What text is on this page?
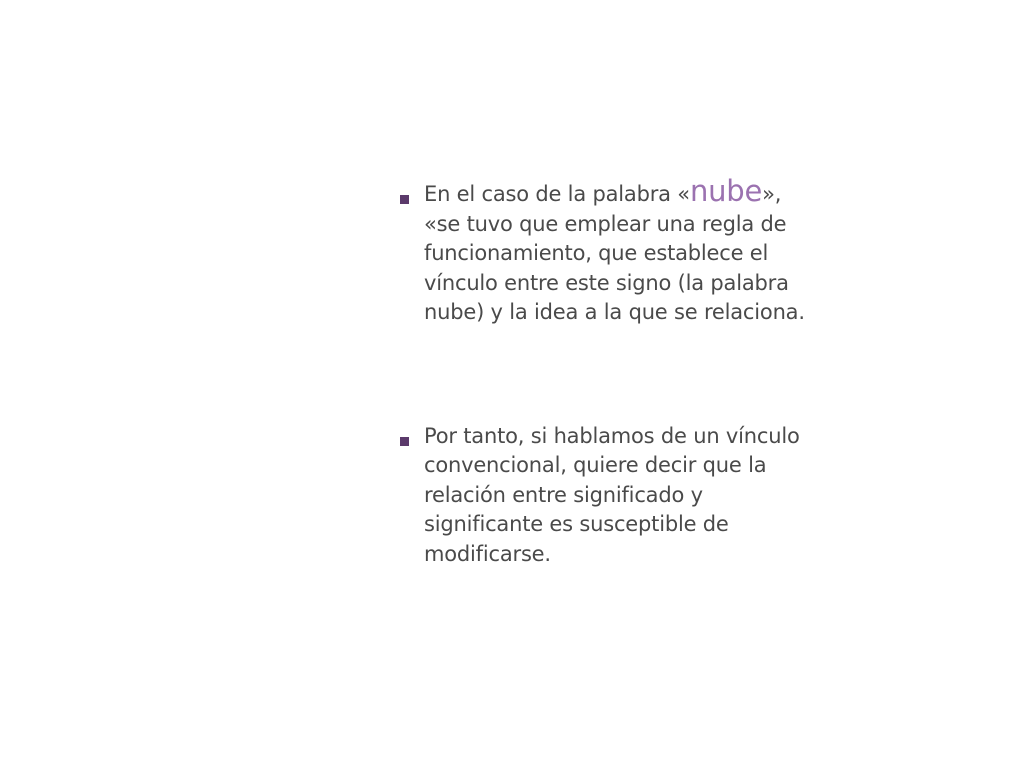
En el caso de la palabra «nube»,
«se tuvo que emplear una regla de
funcionamiento, que establece el
vínculo entre este signo (la palabra
nube) y la idea a la que se relaciona.
Por tanto, si hablamos de un vínculo
convencional, quiere decir que la
relación entre significado y
significante es susceptible de
modificarse.
